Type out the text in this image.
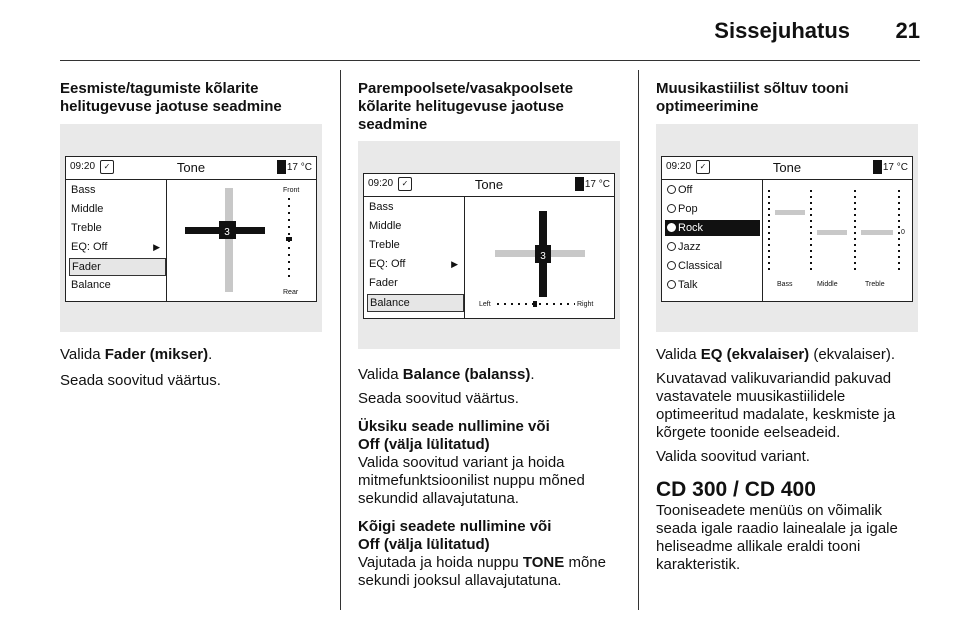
Sissejuhatus	21

Eesmiste/tagumiste kõlarite helitugevuse jaotuse seadmine

09:20	✓	Tone	17 °C
Bass
Middle
Treble
EQ: Off	▶
Fader
Balance
3
Front
Rear

Valida Fader (mikser).

Seada soovitud väärtus.

Parempoolsete/vasakpoolsete kõlarite helitugevuse jaotuse seadmine

09:20	✓	Tone	17 °C
Bass
Middle
Treble
EQ: Off	▶
Fader
Balance
3
Left	Right

Valida Balance (balanss).

Seada soovitud väärtus.

Üksiku seade nullimine või

Off (välja lülitatud)

Valida soovitud variant ja hoida mitmefunktsioonilist nuppu mõned sekundid allavajutatuna.

Kõigi seadete nullimine või

Off (välja lülitatud)

Vajutada ja hoida nuppu TONE mõne sekundi jooksul allavajutatuna.

Muusikastiilist sõltuv tooni optimeerimine

09:20	✓	Tone	17 °C
Off
Pop
Rock
Jazz
Classical
Talk
0
Bass	Middle	Treble

Valida EQ (ekvalaiser) (ekvalaiser).

Kuvatavad valikuvariandid pakuvad vastavatele muusikastiilidele optimeeritud madalate, keskmiste ja kõrgete toonide eelseadeid.

Valida soovitud variant.

CD 300 / CD 400

Tooniseadete menüüs on võimalik seada igale raadio lainealale ja igale heliseadme allikale eraldi tooni karakteristik.
